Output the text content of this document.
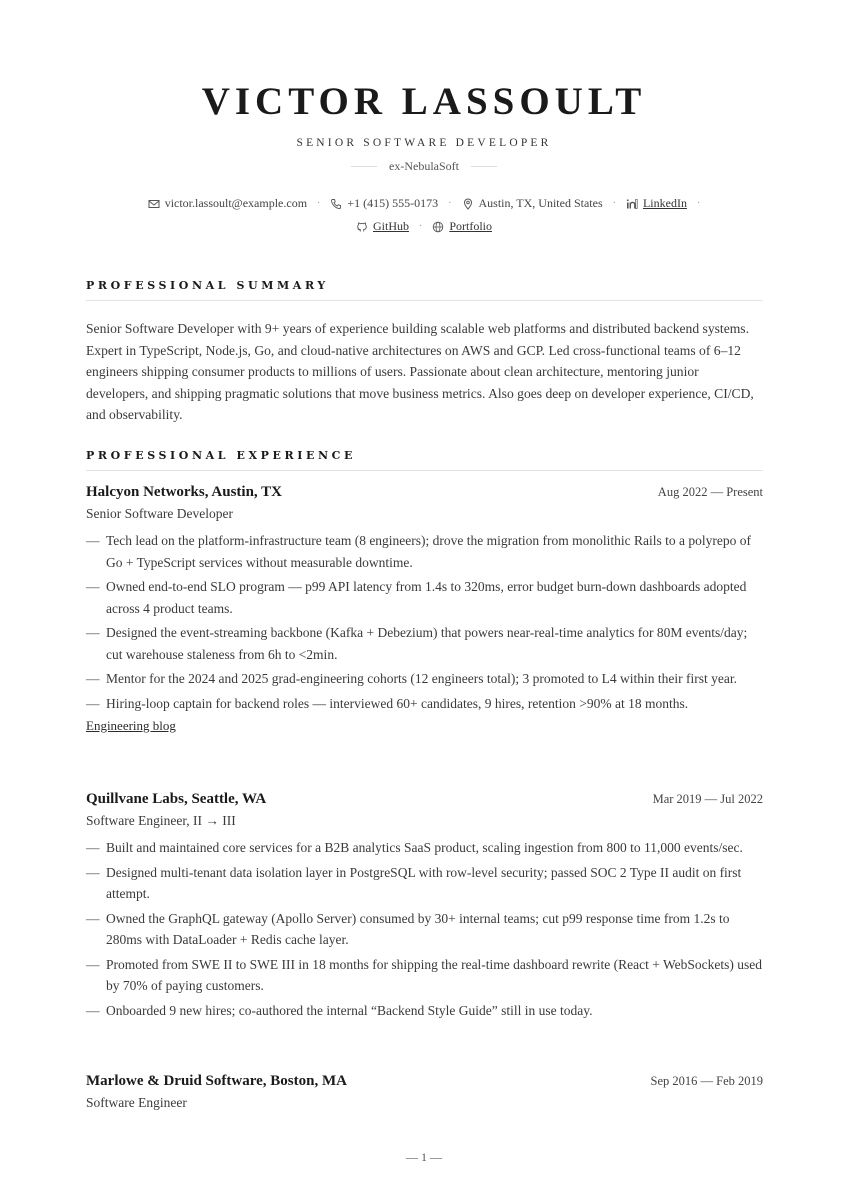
VICTOR LASSOULT
SENIOR SOFTWARE DEVELOPER
ex-NebulaSoft
victor.lassoult@example.com · +1 (415) 555-0173 · Austin, TX, United States · LinkedIn ·
GitHub · Portfolio
PROFESSIONAL SUMMARY
Senior Software Developer with 9+ years of experience building scalable web platforms and distributed backend systems. Expert in TypeScript, Node.js, Go, and cloud-native architectures on AWS and GCP. Led cross-functional teams of 6–12 engineers shipping consumer products to millions of users. Passionate about clean architecture, mentoring junior developers, and shipping pragmatic solutions that move business metrics. Also goes deep on developer experience, CI/CD, and observability.
PROFESSIONAL EXPERIENCE
Halcyon Networks, Austin, TX	Aug 2022 — Present
Senior Software Developer
— Tech lead on the platform-infrastructure team (8 engineers); drove the migration from monolithic Rails to a polyrepo of Go + TypeScript services without measurable downtime.
— Owned end-to-end SLO program — p99 API latency from 1.4s to 320ms, error budget burn-down dashboards adopted across 4 product teams.
— Designed the event-streaming backbone (Kafka + Debezium) that powers near-real-time analytics for 80M events/day; cut warehouse staleness from 6h to <2min.
— Mentor for the 2024 and 2025 grad-engineering cohorts (12 engineers total); 3 promoted to L4 within their first year.
— Hiring-loop captain for backend roles — interviewed 60+ candidates, 9 hires, retention >90% at 18 months.
Engineering blog
Quillvane Labs, Seattle, WA	Mar 2019 — Jul 2022
Software Engineer, II → III
— Built and maintained core services for a B2B analytics SaaS product, scaling ingestion from 800 to 11,000 events/sec.
— Designed multi-tenant data isolation layer in PostgreSQL with row-level security; passed SOC 2 Type II audit on first attempt.
— Owned the GraphQL gateway (Apollo Server) consumed by 30+ internal teams; cut p99 response time from 1.2s to 280ms with DataLoader + Redis cache layer.
— Promoted from SWE II to SWE III in 18 months for shipping the real-time dashboard rewrite (React + WebSockets) used by 70% of paying customers.
— Onboarded 9 new hires; co-authored the internal “Backend Style Guide” still in use today.
Marlowe & Druid Software, Boston, MA	Sep 2016 — Feb 2019
Software Engineer
— 1 —
